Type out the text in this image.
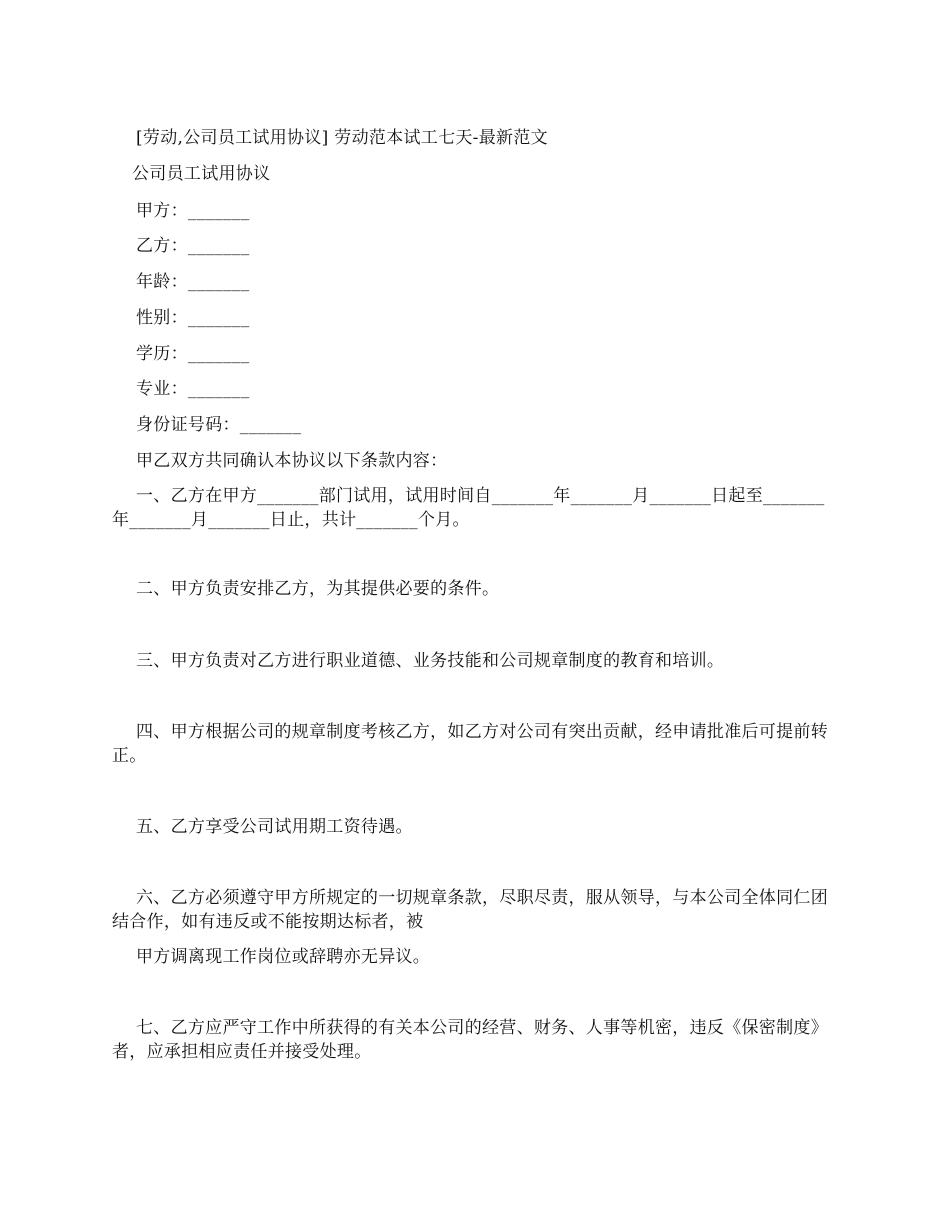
[劳动,公司员工试用协议] 劳动范本试工七天-最新范文
公司员工试用协议
甲方：_______
乙方：_______
年龄：_______
性别：_______
学历：_______
专业：_______
身份证号码：_______
甲乙双方共同确认本协议以下条款内容：
一、乙方在甲方_______部门试用，试用时间自_______年_______月_______日起至_______年_______月_______日止，共计_______个月。
二、甲方负责安排乙方，为其提供必要的条件。
三、甲方负责对乙方进行职业道德、业务技能和公司规章制度的教育和培训。
四、甲方根据公司的规章制度考核乙方，如乙方对公司有突出贡献，经申请批准后可提前转正。
五、乙方享受公司试用期工资待遇。
六、乙方必须遵守甲方所规定的一切规章条款，尽职尽责，服从领导，与本公司全体同仁团结合作，如有违反或不能按期达标者，被
甲方调离现工作岗位或辞聘亦无异议。
七、乙方应严守工作中所获得的有关本公司的经营、财务、人事等机密，违反《保密制度》者，应承担相应责任并接受处理。
